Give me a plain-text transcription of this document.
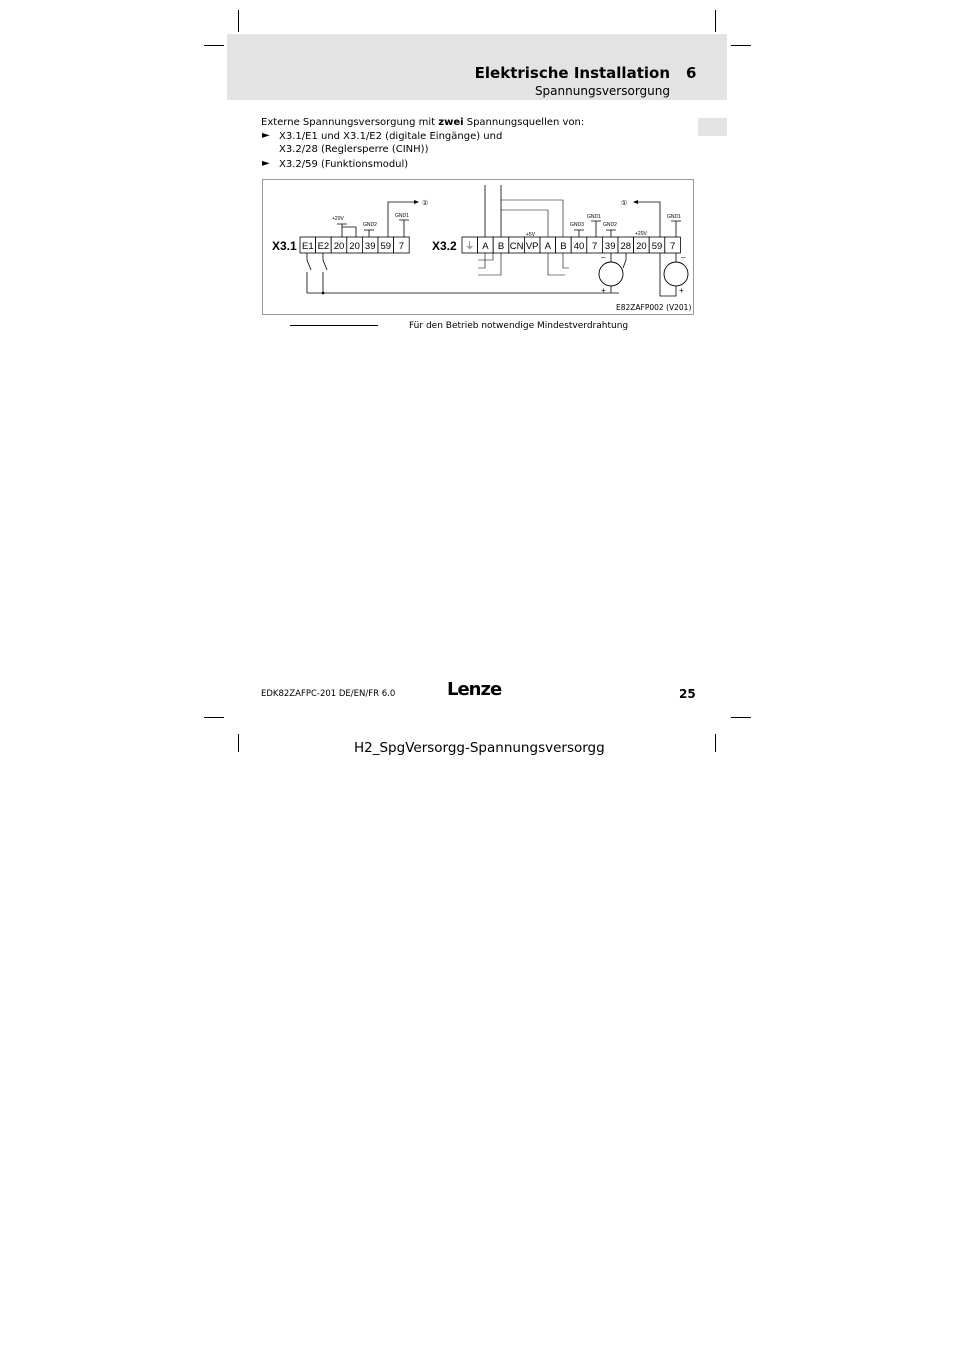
Elektrische Installation 6
Spannungsversorgung
Externe Spannungsversorgung mit zwei Spannungsquellen von:
► X3.1/E1 und X3.1/E2 (digitale Eingänge) und
X3.2/28 (Reglersperre (CINH))
► X3.2/59 (Funktionsmodul)
X3.1 E1 E2 20 20 39 59 7 X3.2 ⏚ A B CN VP A B 40 7 39 28 20 59 7
+20V
GND2
GND1
①
+5V
GND3
GND1
GND2
+20V
GND1
①
–
+
–
+
E82ZAFP002 (V201)
Für den Betrieb notwendige Mindestverdrahtung
EDK82ZAFPC-201 DE/EN/FR 6.0	Lenze	25
H2_SpgVersorgg-Spannungsversorgg
